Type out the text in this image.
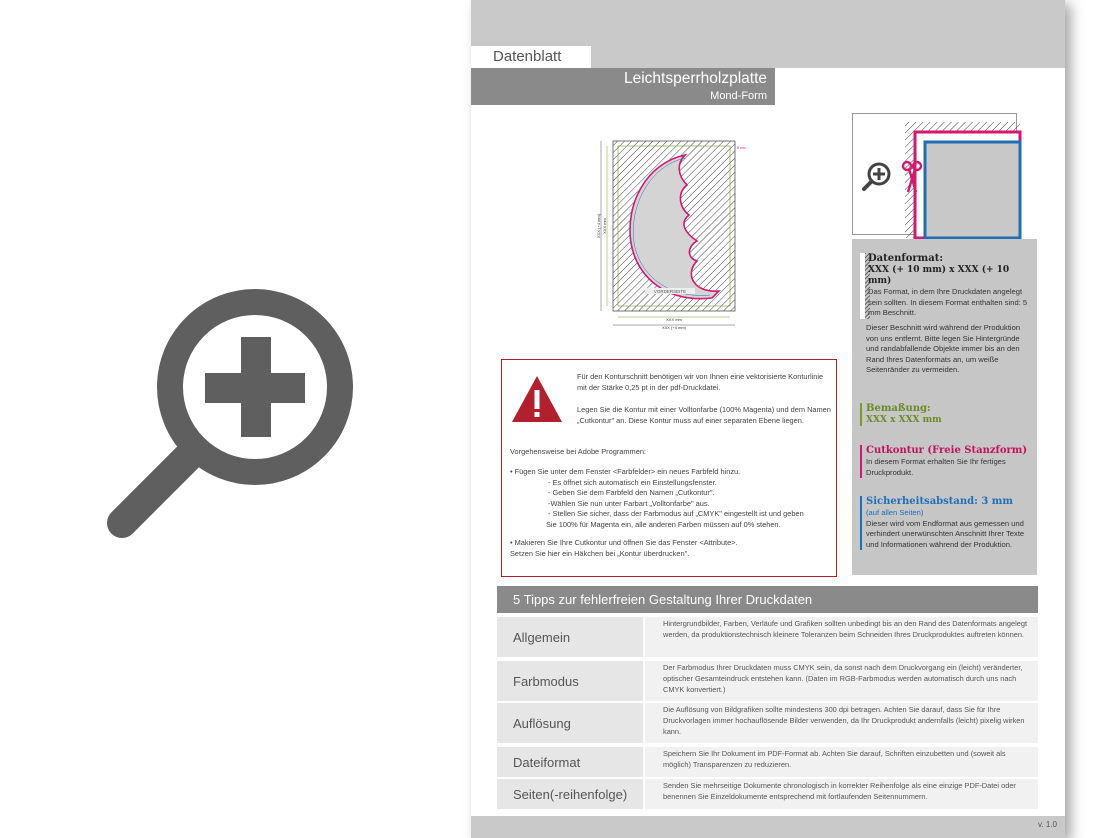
Datenblatt
Leichtsperrholzplatte
Mond-Form
VORDERSEITE
XXX mm
XXX (+4 mm)
XXX mm
XXX (+4 mm)
5 mm
Für den Konturschnitt benötigen wir von Ihnen eine vektorisierte Konturlinie mit der Stärke 0,25 pt in der pdf-Druckdatei.
Legen Sie die Kontur mit einer Volltonfarbe (100% Magenta) und dem Namen „Cutkontur" an. Diese Kontur muss auf einer separaten Ebene liegen.
Vorgehensweise bei Adobe Programmen:
• Fügen Sie unter dem Fenster <Farbfelder> ein neues Farbfeld hinzu.
- Es öffnet sich automatisch ein Einstellungsfenster.
- Geben Sie dem Farbfeld den Namen „Cutkontur".
-Wählen Sie nun unter Farbart „Volltonfarbe" aus.
- Stellen Sie sicher, dass der Farbmodus auf „CMYK" eingestellt ist und geben
Sie 100% für Magenta ein, alle anderen Farben müssen auf 0% stehen.
• Makieren Sie Ihre Cutkontur und öffnen Sie das Fenster <Attribute>.
Setzen Sie hier ein Häkchen bei „Kontur überdrucken".
Datenformat:
XXX (+ 10 mm) x XXX (+ 10 mm)
Das Format, in dem Ihre Druckdaten angelegt sein sollten. In diesem Format enthalten sind: 5 mm Beschnitt.
Dieser Beschnitt wird während der Produktion von uns entfernt. Bitte legen Sie Hintergründe und randabfallende Objekte immer bis an den Rand Ihres Datenformats an, um weiße Seitenränder zu vermeiden.
Bemaßung:
XXX x XXX mm
Cutkontur (Freie Stanzform)
In diesem Format erhalten Sie Ihr fertiges Druckprodukt.
Sicherheitsabstand: 3 mm
(auf allen Seiten)
Dieser wird vom Endformat aus gemessen und verhindert unerwünschten Anschnitt Ihrer Texte und Informationen während der Produktion.
5 Tipps zur fehlerfreien Gestaltung Ihrer Druckdaten
Allgemein
Hintergrundbilder, Farben, Verläufe und Grafiken sollten unbedingt bis an den Rand des Datenformats angelegt werden, da produktionstechnisch kleinere Toleranzen beim Schneiden Ihres Druckproduktes auftreten können.
Farbmodus
Der Farbmodus Ihrer Druckdaten muss CMYK sein, da sonst nach dem Druckvorgang ein (leicht) veränderter, optischer Gesamteindruck entstehen kann. (Daten im RGB-Farbmodus werden automatisch durch uns nach CMYK konvertiert.)
Auflösung
Die Auflösung von Bildgrafiken sollte mindestens 300 dpi betragen. Achten Sie darauf, dass Sie für Ihre Druckvorlagen immer hochauflösende Bilder verwenden, da Ihr Druckprodukt andernfalls (leicht) pixelig wirken kann.
Dateiformat
Speichern Sie Ihr Dokument im PDF-Format ab. Achten Sie darauf, Schriften einzubetten und (soweit als möglich) Transparenzen zu reduzieren.
Seiten(-reihenfolge)
Senden Sie mehrseitige Dokumente chronologisch in korrekter Reihenfolge als eine einzige PDF-Datei oder benennen Sie Einzeldokumente entsprechend mit fortlaufenden Seitennummern.
v. 1.0
